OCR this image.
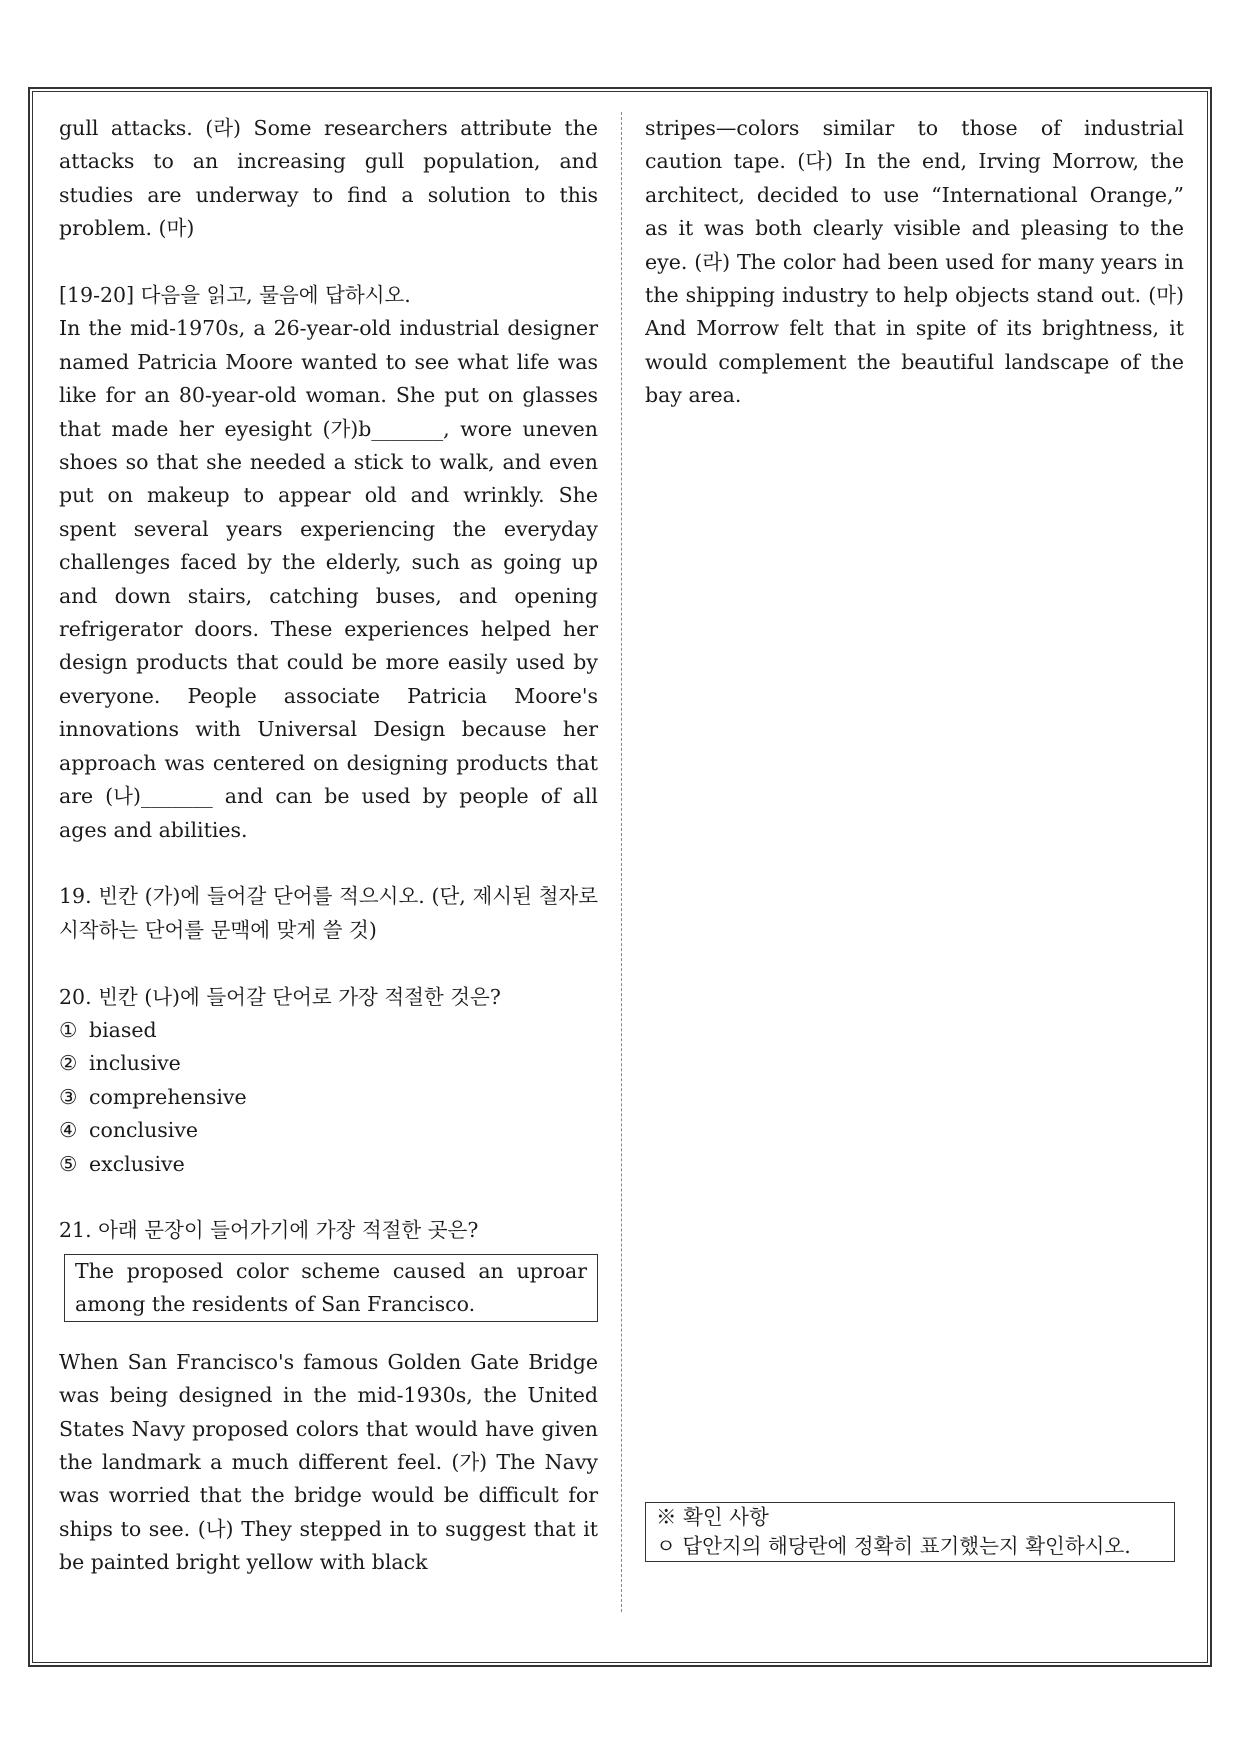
gull attacks. (라) Some researchers attribute the attacks to an increasing gull population, and studies are underway to find a solution to this problem. (마)

[19-20] 다음을 읽고, 물음에 답하시오.

In the mid-1970s, a 26-year-old industrial designer named Patricia Moore wanted to see what life was like for an 80-year-old woman. She put on glasses that made her eyesight (가)b_______, wore uneven shoes so that she needed a stick to walk, and even put on makeup to appear old and wrinkly. She spent several years experiencing the everyday challenges faced by the elderly, such as going up and down stairs, catching buses, and opening refrigerator doors. These experiences helped her design products that could be more easily used by everyone. People associate Patricia Moore's innovations with Universal Design because her approach was centered on designing products that are (나)_______ and can be used by people of all ages and abilities.

19. 빈칸 (가)에 들어갈 단어를 적으시오. (단, 제시된 철자로 시작하는 단어를 문맥에 맞게 쓸 것)

20. 빈칸 (나)에 들어갈 단어로 가장 적절한 것은?

① biased

② inclusive

③ comprehensive

④ conclusive

⑤ exclusive

21. 아래 문장이 들어가기에 가장 적절한 곳은?

The proposed color scheme caused an uproar among the residents of San Francisco.

When San Francisco's famous Golden Gate Bridge was being designed in the mid-1930s, the United States Navy proposed colors that would have given the landmark a much different feel. (가) The Navy was worried that the bridge would be difficult for ships to see. (나) They stepped in to suggest that it be painted bright yellow with black

stripes—colors similar to those of industrial caution tape. (다) In the end, Irving Morrow, the architect, decided to use “International Orange,” as it was both clearly visible and pleasing to the eye. (라) The color had been used for many years in the shipping industry to help objects stand out. (마) And Morrow felt that in spite of its brightness, it would complement the beautiful landscape of the bay area.

※ 확인 사항
ㅇ 답안지의 해당란에 정확히 표기했는지 확인하시오.
